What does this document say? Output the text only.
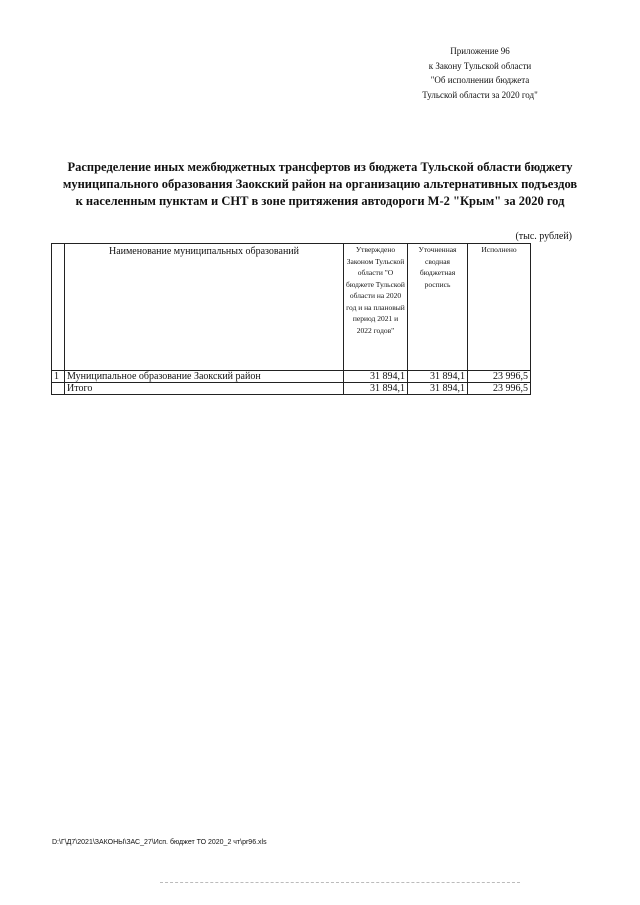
Приложение 96
к Закону Тульской области
"Об исполнении бюджета
Тульской области за 2020 год"
Распределение иных межбюджетных трансфертов из бюджета Тульской области бюджету
муниципального образования Заокский район на организацию альтернативных подъездов
к населенным пунктам и СНТ в зоне притяжения автодороги М-2 "Крым" за 2020 год
(тыс. рублей)
	Наименование муниципальных образований	Утверждено Законом Тульской области "О бюджете Тульской области на 2020 год и на плановый период 2021 и 2022 годов"	Уточненная сводная бюджетная роспись	Исполнено
1	Муниципальное образование Заокский район	31 894,1	31 894,1	23 996,5
	Итого	31 894,1	31 894,1	23 996,5
D:\Г\Д7\2021\ЗАКОНЫ\ЗАС_27\Исп. бюджет ТО 2020_2 чт\pr96.xls
